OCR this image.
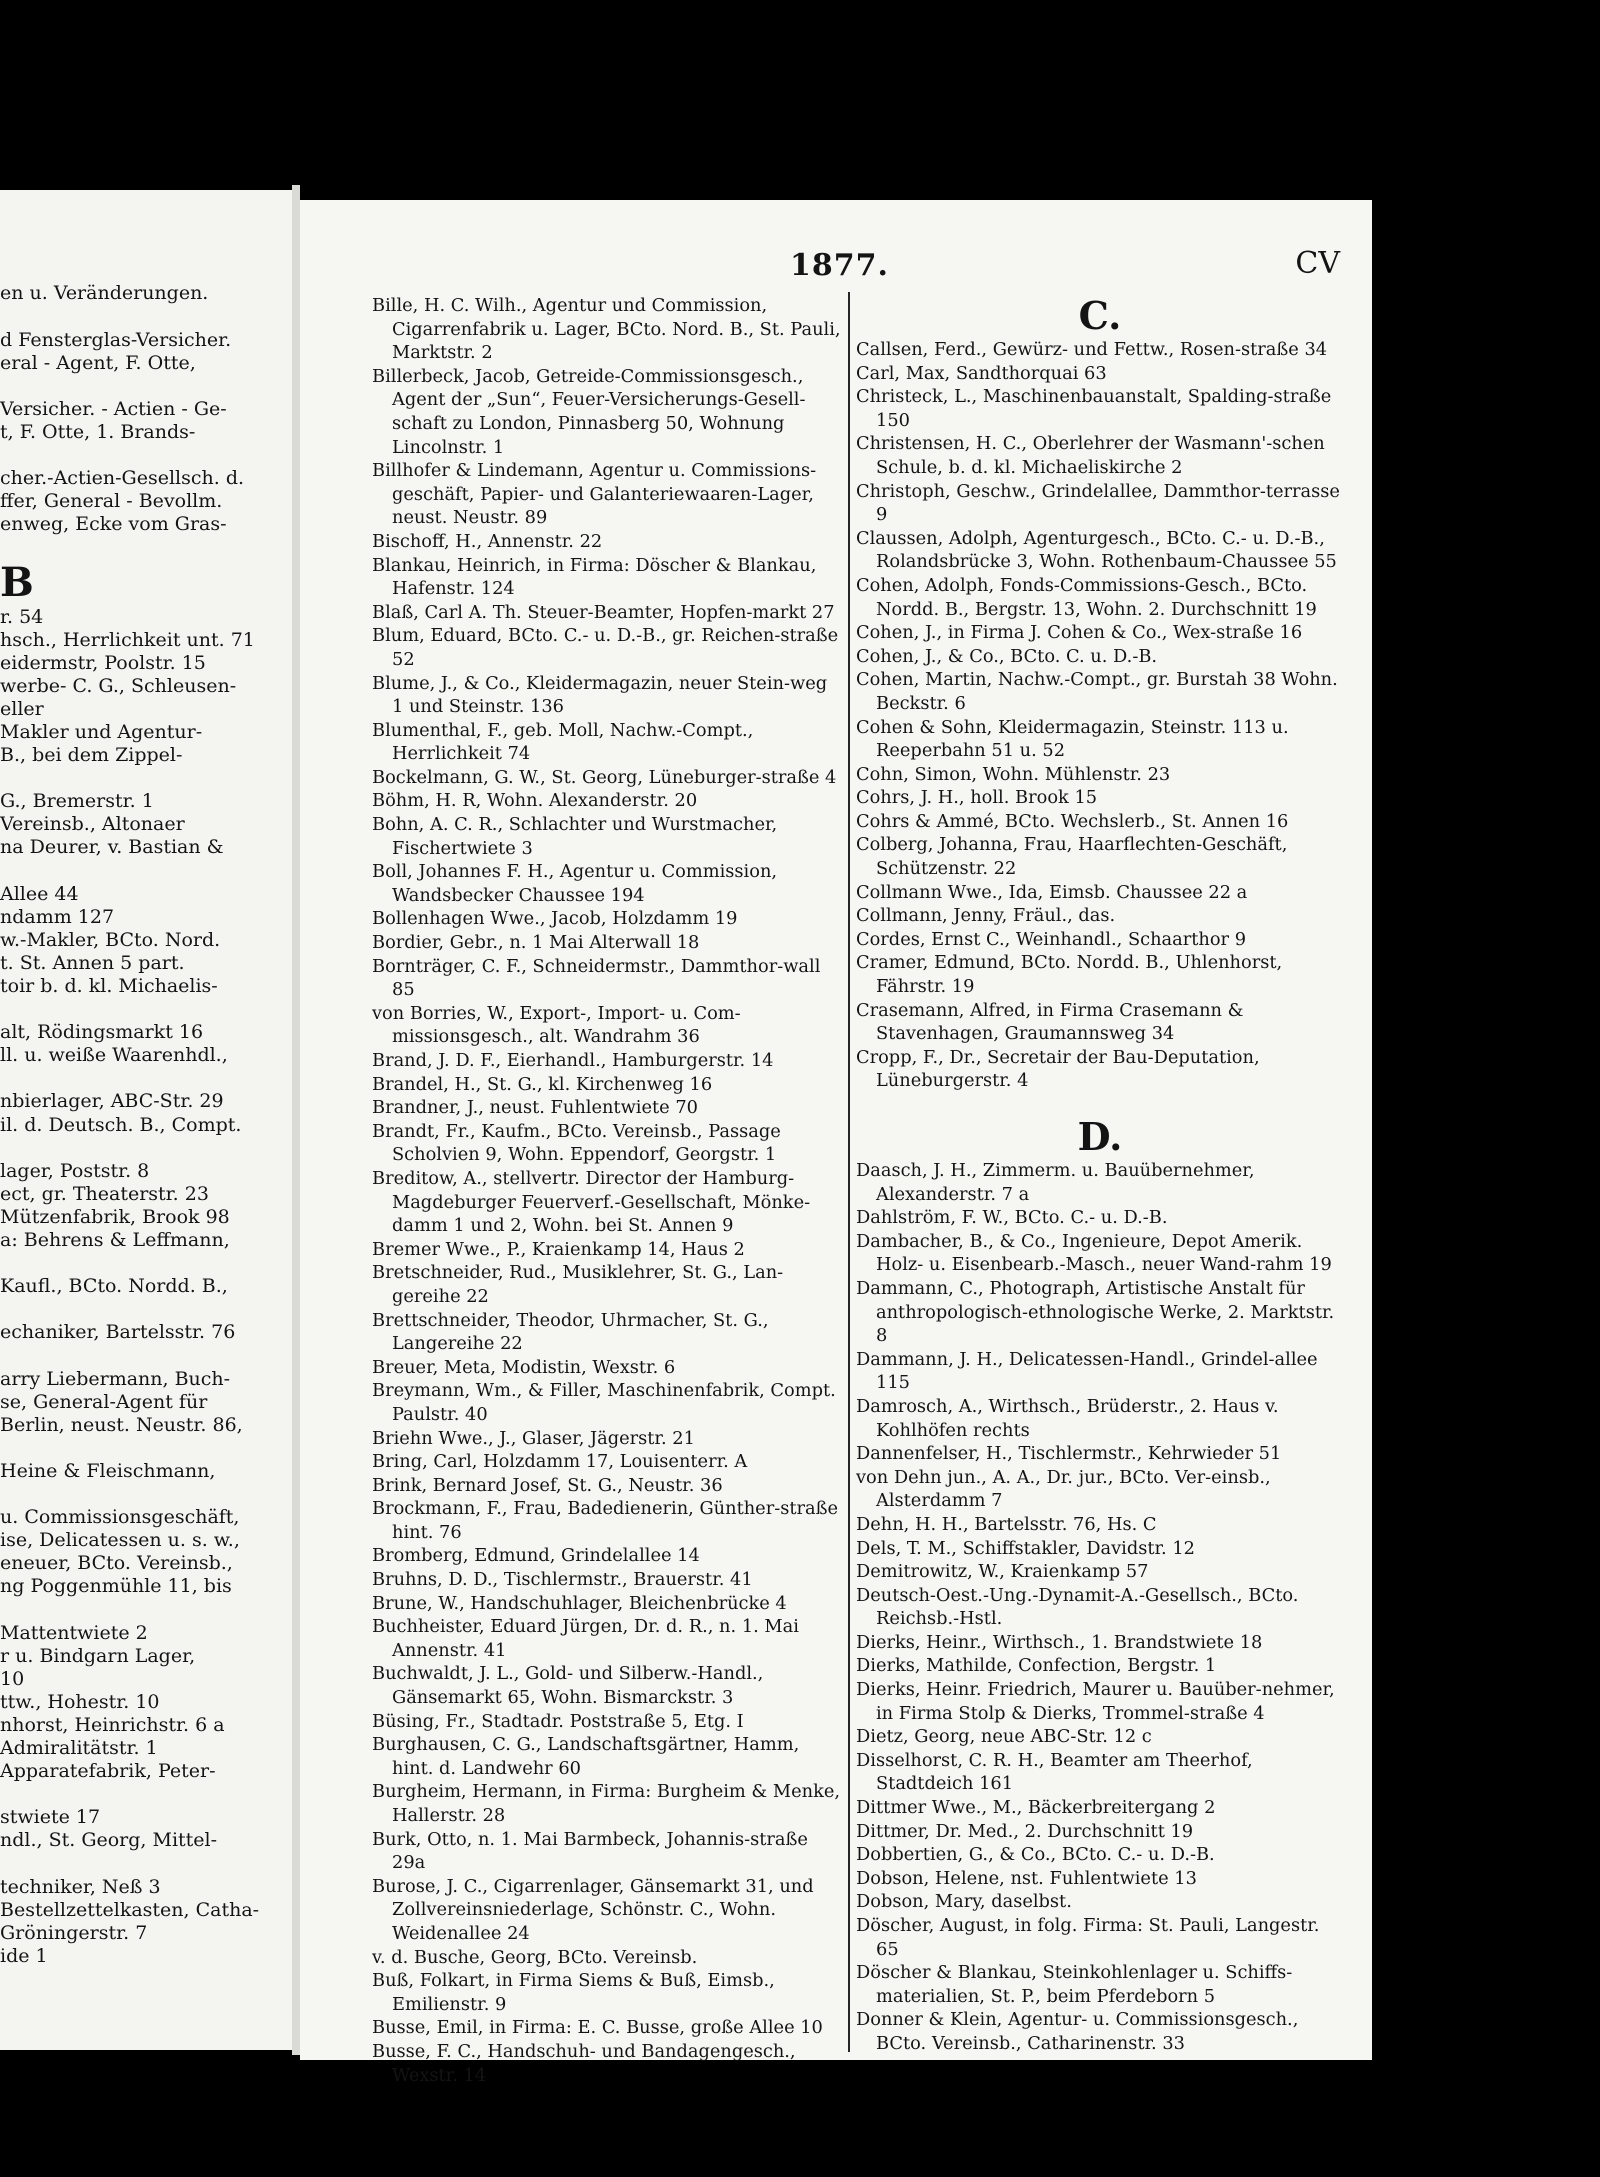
en u. Veränderungen.
d Fensterglas-Versicher.
eral - Agent, F. Otte,
Versicher. - Actien - Ge-
t, F. Otte, 1. Brands-
cher.-Actien-Gesellsch. d.
ffer, General - Bevollm.
enweg, Ecke vom Gras-
B
r. 54
hsch., Herrlichkeit unt. 71
eidermstr, Poolstr. 15
werbe- C. G., Schleusen-
eller
Makler und Agentur-
B., bei dem Zippel-
G., Bremerstr. 1
Vereinsb., Altonaer
na Deurer, v. Bastian &
Allee 44
ndamm 127
w.-Makler, BCto. Nord.
t. St. Annen 5 part.
toir b. d. kl. Michaelis-
alt, Rödingsmarkt 16
ll. u. weiße Waarenhdl.,
nbierlager, ABC-Str. 29
il. d. Deutsch. B., Compt.
lager, Poststr. 8
ect, gr. Theaterstr. 23
Mützenfabrik, Brook 98
a: Behrens & Leffmann,
Kaufl., BCto. Nordd. B.,
echaniker, Bartelsstr. 76
arry Liebermann, Buch-
se, General-Agent für
Berlin, neust. Neustr. 86,
Heine & Fleischmann,
u. Commissionsgeschäft,
ise, Delicatessen u. s. w.,
eneuer, BCto. Vereinsb.,
ng Poggenmühle 11, bis
Mattentwiete 2
r u. Bindgarn Lager,
10
ttw., Hohestr. 10
nhorst, Heinrichstr. 6 a
Admiralitätstr. 1
Apparatefabrik, Peter-
stwiete 17
ndl., St. Georg, Mittel-
techniker, Neß 3
Bestellzettelkasten, Catha-
Gröningerstr. 7
ide 1
1877.	CV

Bille, H. C. Wilh., Agentur und Commission, Cigarrenfabrik u. Lager, BCto. Nord. B., St. Pauli, Marktstr. 2

Billerbeck, Jacob, Getreide-Commissionsgesch., Agent der „Sun“, Feuer-Versicherungs-Gesell-schaft zu London, Pinnasberg 50, Wohnung Lincolnstr. 1

Billhofer & Lindemann, Agentur u. Commissions-geschäft, Papier- und Galanteriewaaren-Lager, neust. Neustr. 89

Bischoff, H., Annenstr. 22

Blankau, Heinrich, in Firma: Döscher & Blankau, Hafenstr. 124

Blaß, Carl A. Th. Steuer-Beamter, Hopfen-markt 27

Blum, Eduard, BCto. C.- u. D.-B., gr. Reichen-straße 52

Blume, J., & Co., Kleidermagazin, neuer Stein-weg 1 und Steinstr. 136

Blumenthal, F., geb. Moll, Nachw.-Compt., Herrlichkeit 74

Bockelmann, G. W., St. Georg, Lüneburger-straße 4

Böhm, H. R, Wohn. Alexanderstr. 20

Bohn, A. C. R., Schlachter und Wurstmacher, Fischertwiete 3

Boll, Johannes F. H., Agentur u. Commission, Wandsbecker Chaussee 194

Bollenhagen Wwe., Jacob, Holzdamm 19

Bordier, Gebr., n. 1 Mai Alterwall 18

Bornträger, C. F., Schneidermstr., Dammthor-wall 85

von Borries, W., Export-, Import- u. Com-missionsgesch., alt. Wandrahm 36

Brand, J. D. F., Eierhandl., Hamburgerstr. 14

Brandel, H., St. G., kl. Kirchenweg 16

Brandner, J., neust. Fuhlentwiete 70

Brandt, Fr., Kaufm., BCto. Vereinsb., Passage Scholvien 9, Wohn. Eppendorf, Georgstr. 1

Breditow, A., stellvertr. Director der Hamburg-Magdeburger Feuerverf.-Gesellschaft, Mönke-damm 1 und 2, Wohn. bei St. Annen 9

Bremer Wwe., P., Kraienkamp 14, Haus 2

Bretschneider, Rud., Musiklehrer, St. G., Lan-gereihe 22

Brettschneider, Theodor, Uhrmacher, St. G., Langereihe 22

Breuer, Meta, Modistin, Wexstr. 6

Breymann, Wm., & Filler, Maschinenfabrik, Compt. Paulstr. 40

Briehn Wwe., J., Glaser, Jägerstr. 21

Bring, Carl, Holzdamm 17, Louisenterr. A

Brink, Bernard Josef, St. G., Neustr. 36

Brockmann, F., Frau, Badedienerin, Günther-straße hint. 76

Bromberg, Edmund, Grindelallee 14

Bruhns, D. D., Tischlermstr., Brauerstr. 41

Brune, W., Handschuhlager, Bleichenbrücke 4

Buchheister, Eduard Jürgen, Dr. d. R., n. 1. Mai Annenstr. 41

Buchwaldt, J. L., Gold- und Silberw.-Handl., Gänsemarkt 65, Wohn. Bismarckstr. 3

Büsing, Fr., Stadtadr. Poststraße 5, Etg. I

Burghausen, C. G., Landschaftsgärtner, Hamm, hint. d. Landwehr 60

Burgheim, Hermann, in Firma: Burgheim & Menke, Hallerstr. 28

Burk, Otto, n. 1. Mai Barmbeck, Johannis-straße 29a

Burose, J. C., Cigarrenlager, Gänsemarkt 31, und Zollvereinsniederlage, Schönstr. C., Wohn. Weidenallee 24

v. d. Busche, Georg, BCto. Vereinsb.

Buß, Folkart, in Firma Siems & Buß, Eimsb., Emilienstr. 9

Busse, Emil, in Firma: E. C. Busse, große Allee 10

Busse, F. C., Handschuh- und Bandagengesch., Wexstr. 14

C.

Callsen, Ferd., Gewürz- und Fettw., Rosen-straße 34

Carl, Max, Sandthorquai 63

Christeck, L., Maschinenbauanstalt, Spalding-straße 150

Christensen, H. C., Oberlehrer der Wasmann'-schen Schule, b. d. kl. Michaeliskirche 2

Christoph, Geschw., Grindelallee, Dammthor-terrasse 9

Claussen, Adolph, Agenturgesch., BCto. C.- u. D.-B., Rolandsbrücke 3, Wohn. Rothenbaum-Chaussee 55

Cohen, Adolph, Fonds-Commissions-Gesch., BCto. Nordd. B., Bergstr. 13, Wohn. 2. Durchschnitt 19

Cohen, J., in Firma J. Cohen & Co., Wex-straße 16

Cohen, J., & Co., BCto. C. u. D.-B.

Cohen, Martin, Nachw.-Compt., gr. Burstah 38 Wohn. Beckstr. 6

Cohen & Sohn, Kleidermagazin, Steinstr. 113 u. Reeperbahn 51 u. 52

Cohn, Simon, Wohn. Mühlenstr. 23

Cohrs, J. H., holl. Brook 15

Cohrs & Ammé, BCto. Wechslerb., St. Annen 16

Colberg, Johanna, Frau, Haarflechten-Geschäft, Schützenstr. 22

Collmann Wwe., Ida, Eimsb. Chaussee 22 a

Collmann, Jenny, Fräul., das.

Cordes, Ernst C., Weinhandl., Schaarthor 9

Cramer, Edmund, BCto. Nordd. B., Uhlenhorst, Fährstr. 19

Crasemann, Alfred, in Firma Crasemann & Stavenhagen, Graumannsweg 34

Cropp, F., Dr., Secretair der Bau-Deputation, Lüneburgerstr. 4

D.

Daasch, J. H., Zimmerm. u. Bauübernehmer, Alexanderstr. 7 a

Dahlström, F. W., BCto. C.- u. D.-B.

Dambacher, B., & Co., Ingenieure, Depot Amerik. Holz- u. Eisenbearb.-Masch., neuer Wand-rahm 19

Dammann, C., Photograph, Artistische Anstalt für anthropologisch-ethnologische Werke, 2. Marktstr. 8

Dammann, J. H., Delicatessen-Handl., Grindel-allee 115

Damrosch, A., Wirthsch., Brüderstr., 2. Haus v. Kohlhöfen rechts

Dannenfelser, H., Tischlermstr., Kehrwieder 51

von Dehn jun., A. A., Dr. jur., BCto. Ver-einsb., Alsterdamm 7

Dehn, H. H., Bartelsstr. 76, Hs. C

Dels, T. M., Schiffstakler, Davidstr. 12

Demitrowitz, W., Kraienkamp 57

Deutsch-Oest.-Ung.-Dynamit-A.-Gesellsch., BCto. Reichsb.-Hstl.

Dierks, Heinr., Wirthsch., 1. Brandstwiete 18

Dierks, Mathilde, Confection, Bergstr. 1

Dierks, Heinr. Friedrich, Maurer u. Bauüber-nehmer, in Firma Stolp & Dierks, Trommel-straße 4

Dietz, Georg, neue ABC-Str. 12 c

Disselhorst, C. R. H., Beamter am Theerhof, Stadtdeich 161

Dittmer Wwe., M., Bäckerbreitergang 2

Dittmer, Dr. Med., 2. Durchschnitt 19

Dobbertien, G., & Co., BCto. C.- u. D.-B.

Dobson, Helene, nst. Fuhlentwiete 13

Dobson, Mary, daselbst.

Döscher, August, in folg. Firma: St. Pauli, Langestr. 65

Döscher & Blankau, Steinkohlenlager u. Schiffs-materialien, St. P., beim Pferdeborn 5

Donner & Klein, Agentur- u. Commissionsgesch., BCto. Vereinsb., Catharinenstr. 33
